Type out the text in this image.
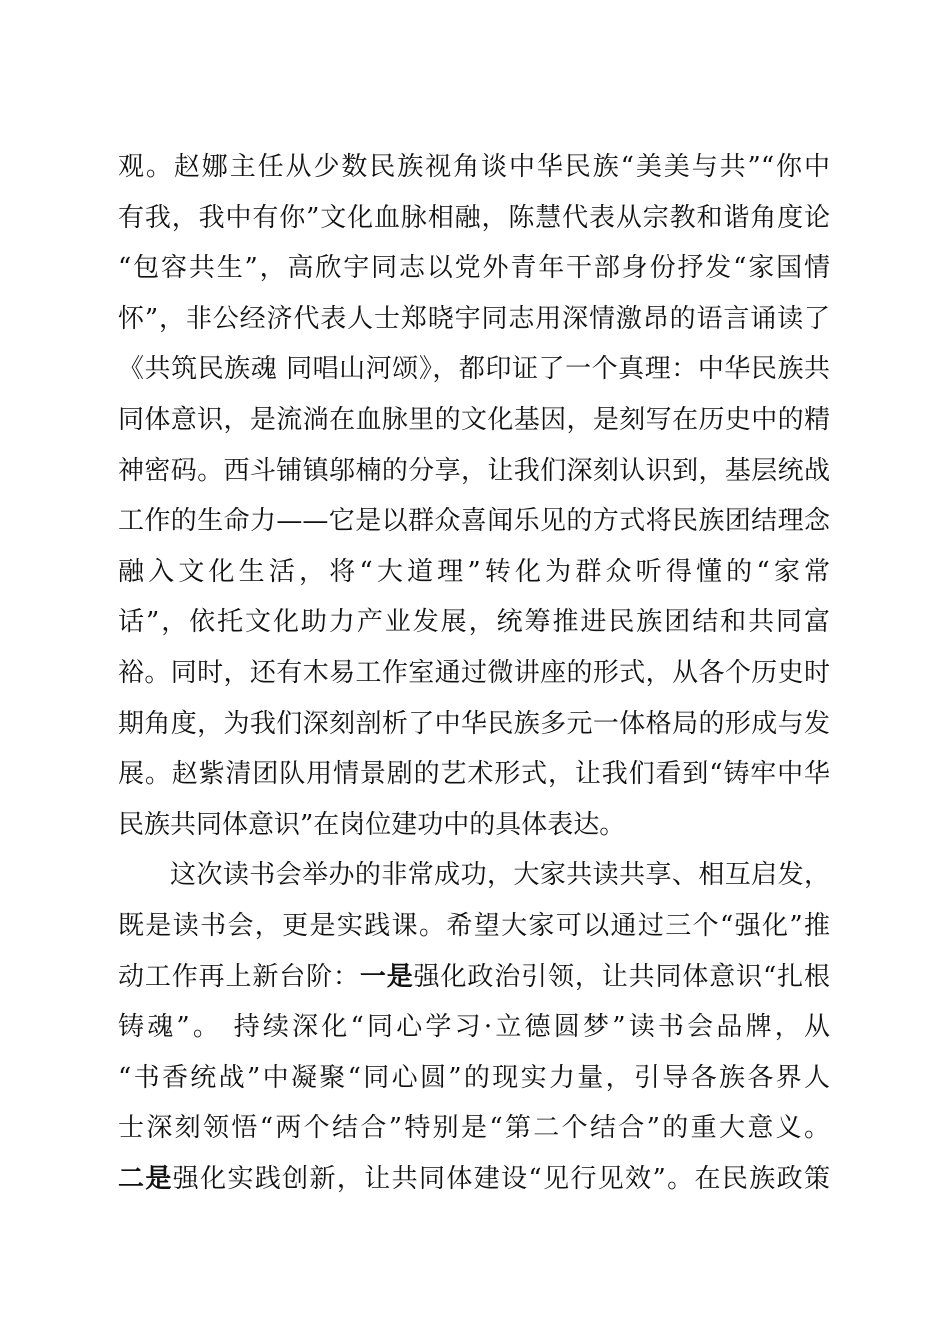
观。赵娜主任从少数民族视角谈中华民族“美美与共”“你中
有我，我中有你”文化血脉相融，陈慧代表从宗教和谐角度论
“包容共生”，高欣宇同志以党外青年干部身份抒发“家国情
怀”，非公经济代表人士郑晓宇同志用深情激昂的语言诵读了
《共筑民族魂 同唱山河颂》，都印证了一个真理：中华民族共
同体意识，是流淌在血脉里的文化基因，是刻写在历史中的精
神密码。西斗铺镇邬楠的分享，让我们深刻认识到，基层统战
工作的生命力——它是以群众喜闻乐见的方式将民族团结理念
融入文化生活，将“大道理”转化为群众听得懂的“家常
话”，依托文化助力产业发展，统筹推进民族团结和共同富
裕。同时，还有木易工作室通过微讲座的形式，从各个历史时
期角度，为我们深刻剖析了中华民族多元一体格局的形成与发
展。赵紫清团队用情景剧的艺术形式，让我们看到“铸牢中华
民族共同体意识”在岗位建功中的具体表达。
这次读书会举办的非常成功，大家共读共享、相互启发，
既是读书会，更是实践课。希望大家可以通过三个“强化”推
动工作再上新台阶：一是强化政治引领，让共同体意识“扎根
铸魂”。 持续深化“同心学习·立德圆梦”读书会品牌，从
“书香统战”中凝聚“同心圆”的现实力量，引导各族各界人
士深刻领悟“两个结合”特别是“第二个结合”的重大意义。
二是强化实践创新，让共同体建设“见行见效”。在民族政策
